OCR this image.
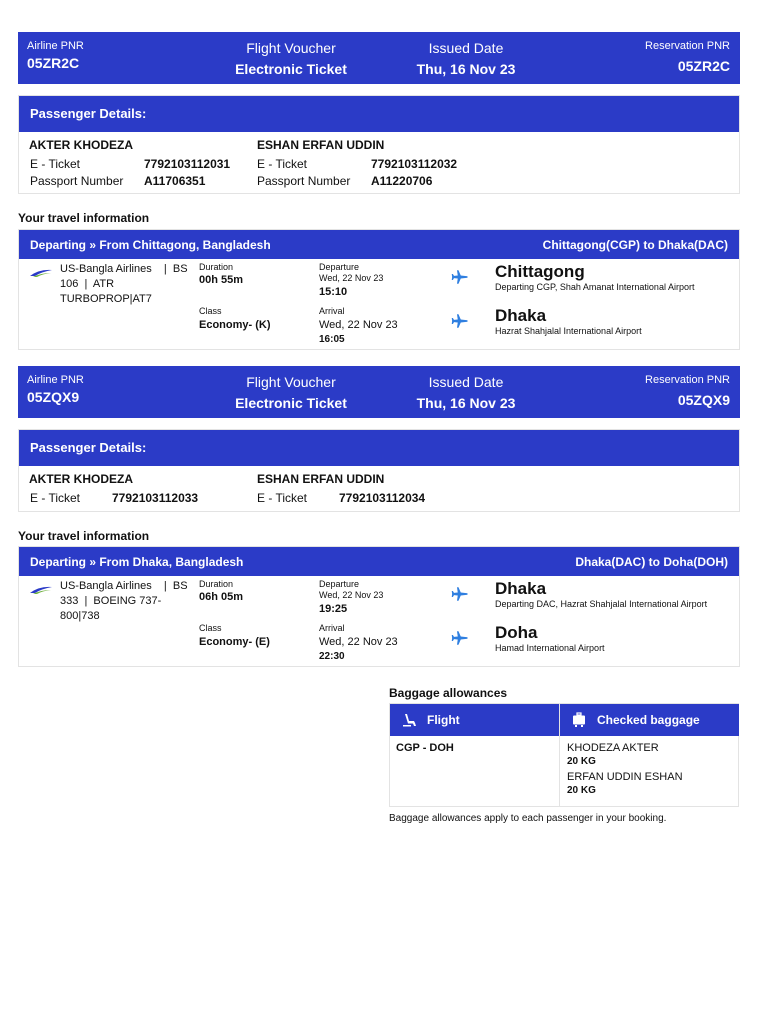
Airline PNR
05ZR2C
Flight Voucher
Electronic Ticket
Issued Date
Thu, 16 Nov 23
Reservation PNR
05ZR2C
Passenger Details:
AKTER KHODEZA
E - Ticket	7792103112031
Passport Number A11706351
ESHAN ERFAN UDDIN
E - Ticket	7792103112032
Passport Number A11220706
Your travel information
Departing » From Chittagong, Bangladesh	Chittagong(CGP) to Dhaka(DAC)
US-Bangla Airlines    |  BS
106  |  ATR
TURBOPROP|AT7
Duration
00h 55m
Class
Economy- (K)
Departure
Wed, 22 Nov 23
15:10
Arrival
Wed, 22 Nov 23
16:05
Chittagong
Departing CGP, Shah Amanat International Airport
Dhaka
Hazrat Shahjalal International Airport
Airline PNR
05ZQX9
Flight Voucher
Electronic Ticket
Issued Date
Thu, 16 Nov 23
Reservation PNR
05ZQX9
Passenger Details:
AKTER KHODEZA
E - Ticket	7792103112033
ESHAN ERFAN UDDIN
E - Ticket	7792103112034
Your travel information
Departing » From Dhaka, Bangladesh	Dhaka(DAC) to Doha(DOH)
US-Bangla Airlines    |  BS
333  |  BOEING 737-
800|738
Duration
06h 05m
Class
Economy- (E)
Departure
Wed, 22 Nov 23
19:25
Arrival
Wed, 22 Nov 23
22:30
Dhaka
Departing DAC, Hazrat Shahjalal International Airport
Doha
Hamad International Airport
Baggage allowances
Flight	Checked baggage
CGP - DOH	KHODEZA AKTER
20 KG
ERFAN UDDIN ESHAN
20 KG
Baggage allowances apply to each passenger in your booking.
